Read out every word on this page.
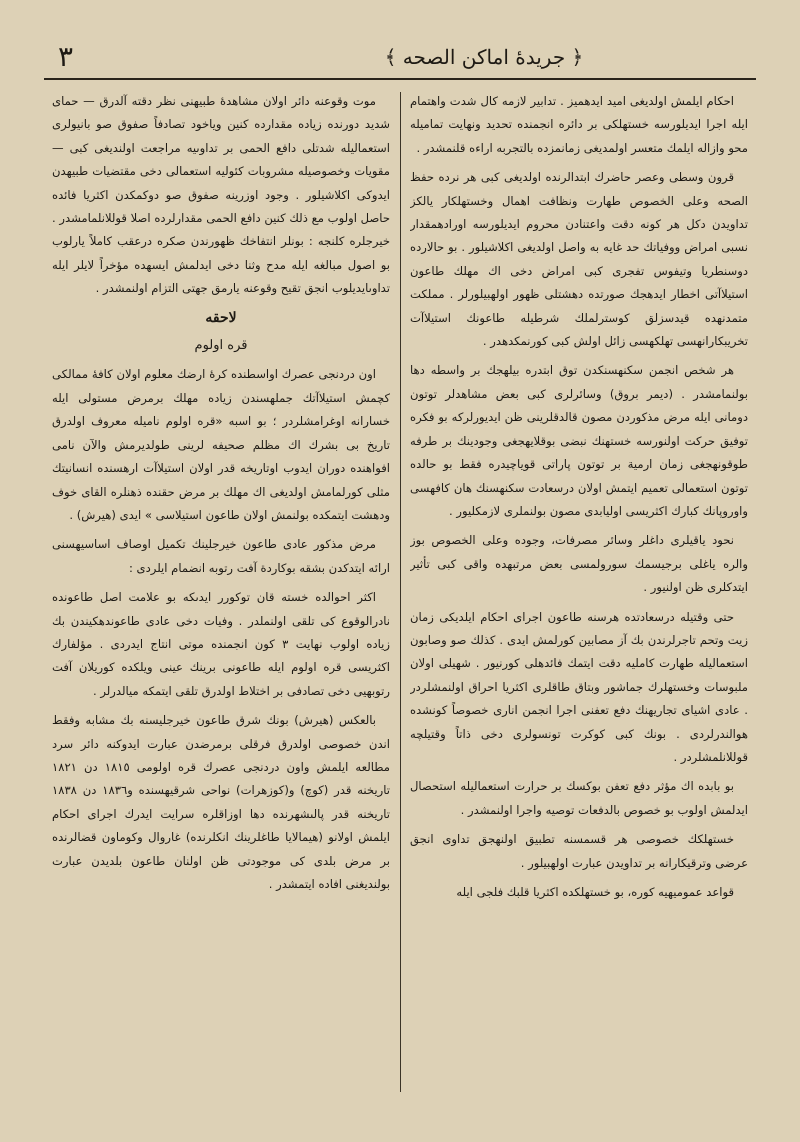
٣	﴿ جريدهٔ اماكن الصحه ﴾

احكام ايلمش اولديغى اميد ايدهميز . تدابير لازمه كال شدت واهتمام ايله اجرا ايديلورسه خستهلكى بر دائره انجمنده تحديد ونهايت تماميله محو وازاله ايلمك متعسر اولمديغى زمانمزده بالتجربه اراءه قلنمشدر .

قرون وسطى وعصر حاضرك ابتدالرنده اولديغى كبى هر نرده حفظ الصحه وعلى الخصوص طهارت ونظافت اهمال وخستهلكار يالكز تداويدن دكل هر كونه دقت واعتنادن محروم ايديلورسه اورادهمقدار نسبى امراض ووفياتك حد غايه به واصل اولديغى اكلاشيلور . بو حالارده دوسنطريا وتيفوس تفجرى كبى امراض دخى اك مهلك طاعون استيلاآتى اخطار ايدهجك صورتده دهشتلى ظهور اولهبيلورلر . مملكت متمدنهده قيدسزلق كوسترلملك شرطيله طاعونك استيلاآت تخريبكارانهسى تهلكهسى زائل اولش كبى كورنمكدهدر .

هر شخص انجمن سكنهسنكدن توق ابتدره بيلهجك بر واسطه دها بولنمامشدر . (ديمر بروق) وسائرلرى كبى بعض مشاهدلر توتون دومانى ايله مرض مذكوردن مصون قالدقلرينى ظن ايديورلركه بو فكره توفيق حركت اولنورسه خستهنك نبضى بوقلايهجغى وجودينك بر طرفه طوقونهجغى زمان ارمية بر توتون پاراتى قوياچيدره فقط بو حالده توتون استعمالى تعميم ايتمش اولان درسعادت سكنهسنك هان كافهسى واوروپانك كبارك اكثريسى اوليابدى مصون بولنملرى لازمكليور .

نحود ياقيلرى داغلر وسائر مصرفات، وجوده وعلى الخصوص بوز والره ياغلى برجيسمك سورولمسى بعض مرتبهده واقى كبى تأثير ايتدكلرى ظن اولنيور .

حتى وقتيله درسعادتده هرسنه طاعون اجراى احكام ايلديكى زمان زيت وتحم تاجرلرندن بك آز مصابين كورلمش ايدى . كذلك صو وصابون استعماليله طهارت كامليه دقت ايتمك فائدهلى كورنيور . شهيلى اولان ملبوسات وخستهلرك جماشور وبتاق طاقلرى اكثريا احراق اولنمشلردر . عادى اشياى تجاريهنك دفع تعفنى اجرا انجمن انارى خصوصاً كونشده هوالندرلردى . بونك كبى كوكرت تونسولرى دخى ذاتاً وقتيلچه قوللانلمشلردر .

بو بابده اك مؤثر دفع تعفن بوكسك بر حرارت استعماليله استحصال ايدلمش اولوب بو خصوص بالدفعات توصيه واجرا اولنمشدر .

خستهلكك خصوصى هر قسمسنه تطبيق اولنهجق تداوى انجق عرضى وترقيكارانه بر تداويدن عبارت اولهبيلور .

قواعد عموميهيه كوره، بو خستهلكده اكثريا قلبك فلجى ايله

موت وقوعنه دائر اولان مشاهدهٔ طبيهنى نظر دقته آلدرق — حماى شديد دورنده زياده مقدارده كنين وياخود تصادفاً صفوق صو بانيولرى استعماليله شدتلى دافع الحمى بر تداوىيه مراجعت اولنديغى كبى — مقويات وخصوصيله مشروبات كئوليه استعمالى دخى مقتضيات طبيهدن ايدوكى اكلاشيلور . وجود اوزرينه صفوق صو دوكمكدن اكثريا فائده حاصل اولوب مع ذلك كنين دافع الحمى مقدارلرده اصلا قوللانلمامشدر . خيرجلره كلنجه : بونلر انتفاخك ظهورندن صكره درعقب كاملاً يارلوب بو اصول مبالغه ايله مدح وثنا دخى ايدلمش ايسهده مؤخراً لايلر ايله تداوىايديلوب انجق تقيح وقوعنه يارمق جهتى التزام اولنمشدر .

لاحقه
قره اولوم

اون دردنجى عصرك اواسطنده كرهٔ ارضك معلوم اولان كافهٔ ممالكى كچمش استيلاآتك جملهسندن زياده مهلك برمرض مستولى ايله خسارانه اوغرامشلردر ؛ بو اسبه «قره اولوم نامیله معروف اولدرق تاريخ بى بشرك اك مظلم صحيفه لرينى طولديرمش والآن نامى افواهنده دوران ايدوب اوتاريخه قدر اولان استيلاآت ارهسنده انسانيتك مثلى كورلمامش اولديغى اك مهلك بر مرض حقنده ذهنلره القاى خوف ودهشت ايتمكده بولنمش اولان طاعون استيلاسى » ايدى (هيرش) .

مرض مذكور عادى طاعون خيرجلينك تكميل اوصاف اساسيهسنى ارائه ايتدكدن بشقه بوكاردة آفت رتوبه انضمام ايلردى :

اكثر احوالده خسته قان توكورر ايدىكه بو علامت اصل طاعونده نادرالوقوع كى تلقى اولنملدر . وفيات دخى عادى طاعوندهكيندن بك زياده اولوب نهايت ٣ كون انجمنده موتى انتاج ايدردى . مؤلفارك اكثريسى قره اولوم ايله طاعونى برينك عينى ويلكده كوريلان آفت رتوبهيى دخى تصادفى بر اختلاط اولدرق تلقى ايتمكه ميالدرلر .

بالعكس (هيرش) بونك شرق طاعون خيرجليسنه بك مشابه وفقط اندن خصوصى اولدرق فرقلى برمرضدن عبارت ايدوكنه دائر سرد مطالعه ايلمش واون دردنجى عصرك قره اولومى ١٨١٥ دن ١٨٢١ تاريخنه قدر (كوچ) و(كوزهرات) نواحى شرقيهسنده و١٨٣٦ دن ١٨٣٨ تاريخنه قدر پالىشهرنده دها اوزاقلره سرايت ايدرك اجراى احكام ايلمش اولانو (هيمالايا طاغلرينك انكلرنده) غاروال وكوماون قضالرنده بر مرض بلدى كى موجودتى ظن اولنان طاعون بلديدن عبارت بولنديغنى افاده ايتمشدر .
